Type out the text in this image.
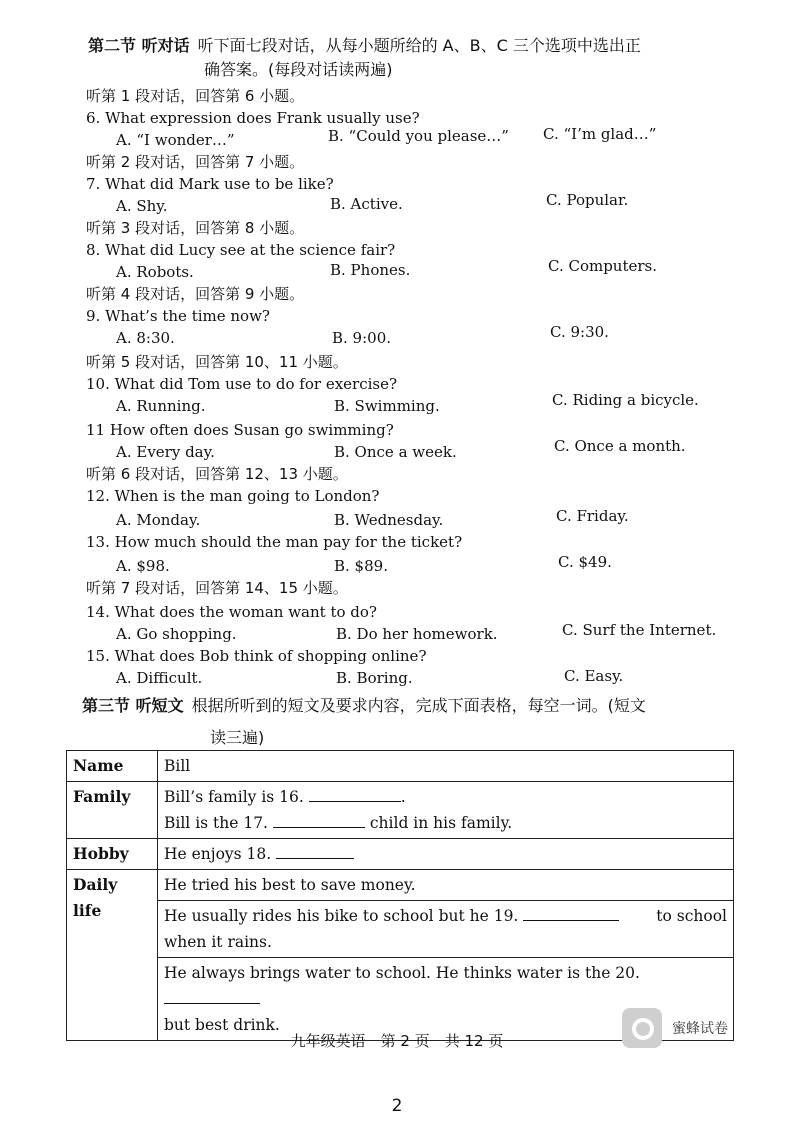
第二节 听对话 听下面七段对话，从每小题所给的 A、B、C 三个选项中选出正
确答案。(每段对话读两遍)
听第 1 段对话，回答第 6 小题。
6. What expression does Frank usually use?
A. “I wonder…”	B. “Could you please…” C. “I’m glad…”
听第 2 段对话，回答第 7 小题。
7. What did Mark use to be like?
A. Shy.	B. Active.	C. Popular.
听第 3 段对话，回答第 8 小题。
8. What did Lucy see at the science fair?
A. Robots.	B. Phones.	C. Computers.
听第 4 段对话，回答第 9 小题。
9. What’s the time now?
A. 8:30.	B. 9:00.	C. 9:30.
听第 5 段对话，回答第 10、11 小题。
10. What did Tom use to do for exercise?
A. Running.	B. Swimming.	C. Riding a bicycle.
11 How often does Susan go swimming?
A. Every day.	B. Once a week.	C. Once a month.
听第 6 段对话，回答第 12、13 小题。
12. When is the man going to London?
A. Monday.	B. Wednesday.	C. Friday.
13. How much should the man pay for the ticket?
A. $98.	B. $89.	C. $49.
听第 7 段对话，回答第 14、15 小题。
14. What does the woman want to do?
A. Go shopping.	B. Do her homework.	C. Surf the Internet.
15. What does Bob think of shopping online?
A. Difficult.	B. Boring.	C. Easy.
第三节 听短文 根据所听到的短文及要求内容，完成下面表格，每空一词。(短文
读三遍)
Name	Bill
Family	Bill’s family is 16. .
Bill is the 17. child in his family.

Hobby	He enjoys 18.

Daily
life	He tried his best to save money.

	He usually rides his bike to school but he 19. to school
when it rains.

	He always brings water to school. He thinks water is the 20.
but best drink.
九年级英语　第 2 页　共 12 页
蜜蜂试卷
2
